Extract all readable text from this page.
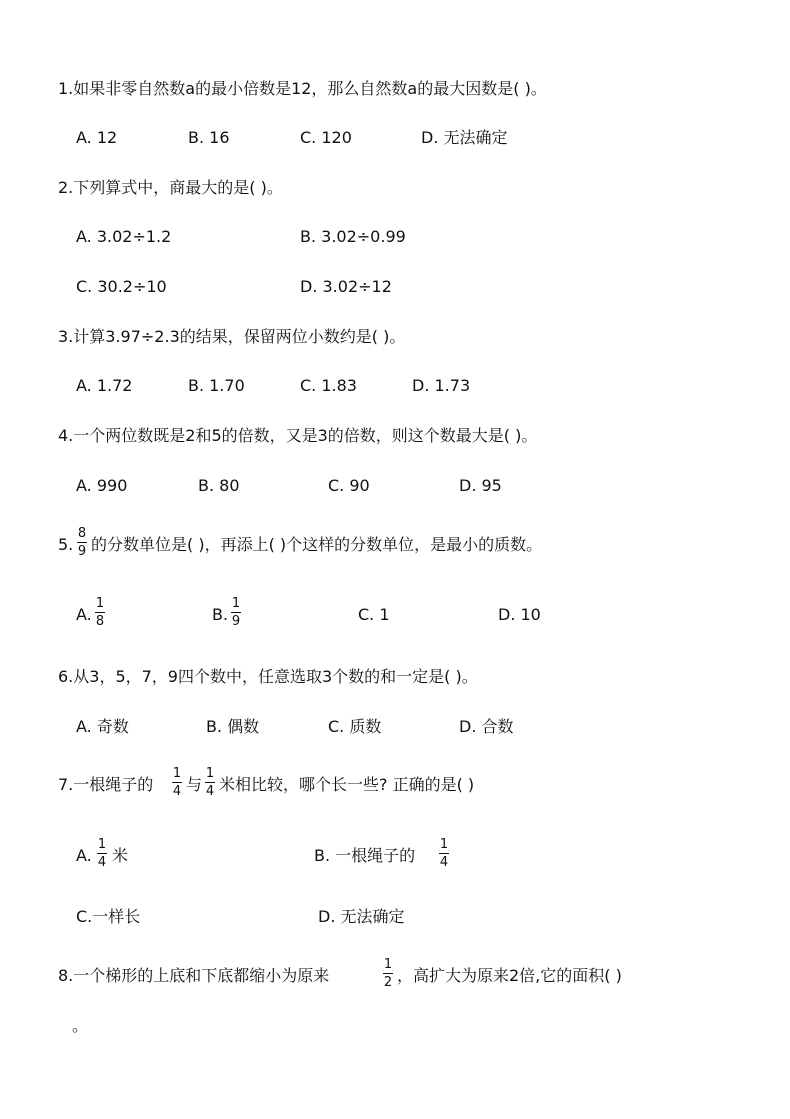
1.如果非零自然数a的最小倍数是12，那么自然数a的最大因数是( )。
A. 12	B. 16	C. 120	D. 无法确定
2.下列算式中，商最大的是( )。
A. 3.02÷1.2	B. 3.02÷0.99
C. 30.2÷10	D. 3.02÷12
3.计算3.97÷2.3的结果，保留两位小数约是( )。
A. 1.72	B. 1.70	C. 1.83	D. 1.73
4.一个两位数既是2和5的倍数，又是3的倍数，则这个数最大是( )。
A. 990	B. 80	C. 90	D. 95
5.
8
9 的分数单位是( )，再添上( )个这样的分数单位，是最小的质数。
A.
1
8	B.
1
9	C. 1	D. 10
6.从3，5，7，9四个数中，任意选取3个数的和一定是( )。
A. 奇数	B. 偶数	C. 质数	D. 合数
7.一根绳子的
1
4 与
1
4 米相比较，哪个长一些? 正确的是( )
A.
1
4 米	B. 一根绳子的
1
4
C.一样长	D. 无法确定
8.一个梯形的上底和下底都缩小为原来
1
2 ，高扩大为原来2倍,它的面积( )
。
